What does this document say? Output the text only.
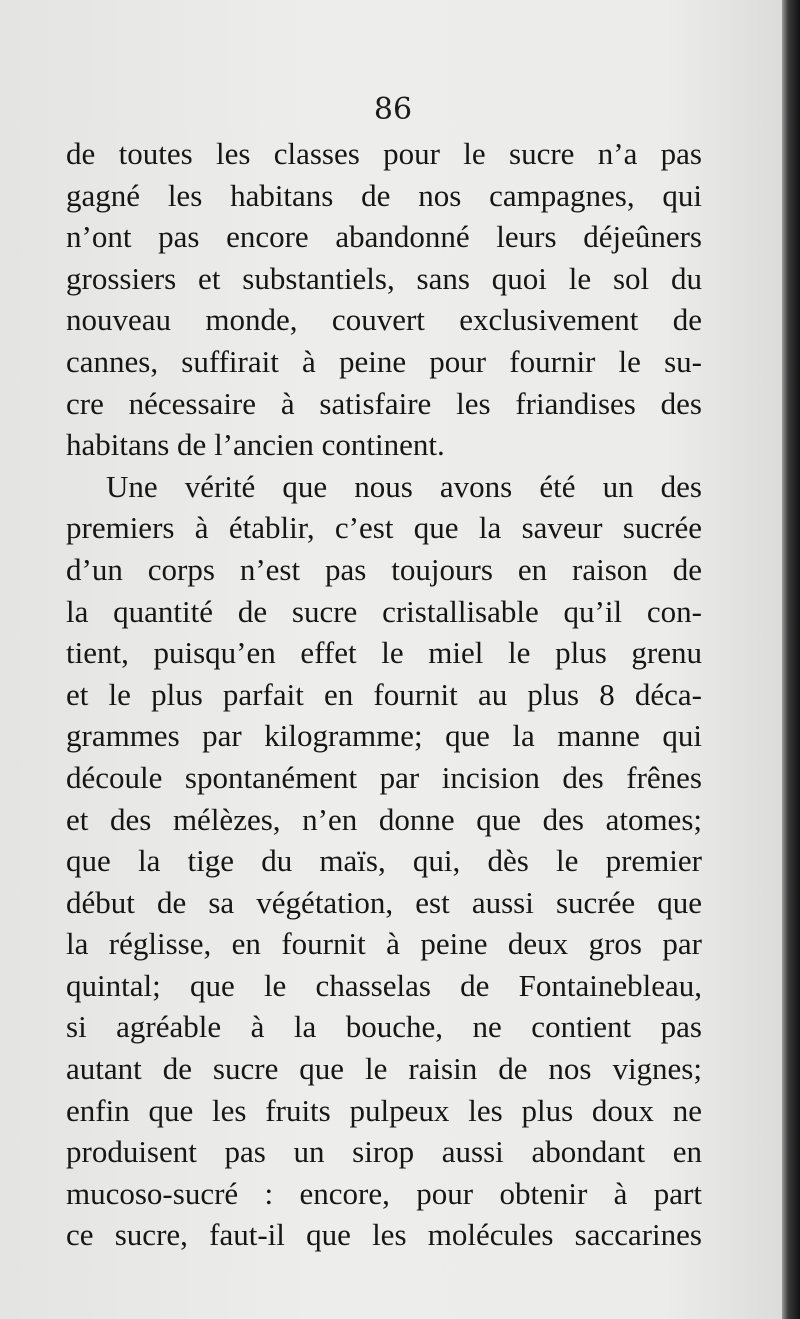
86
de toutes les classes pour le sucre n’a pas
gagné les habitans de nos campagnes, qui
n’ont pas encore abandonné leurs déjeûners
grossiers et substantiels, sans quoi le sol du
nouveau monde, couvert exclusivement de
cannes, suffirait à peine pour fournir le su-
cre nécessaire à satisfaire les friandises des
habitans de l’ancien continent.
Une vérité que nous avons été un des
premiers à établir, c’est que la saveur sucrée
d’un corps n’est pas toujours en raison de
la quantité de sucre cristallisable qu’il con-
tient, puisqu’en effet le miel le plus grenu
et le plus parfait en fournit au plus 8 déca-
grammes par kilogramme; que la manne qui
découle spontanément par incision des frênes
et des mélèzes, n’en donne que des atomes;
que la tige du maïs, qui, dès le premier
début de sa végétation, est aussi sucrée que
la réglisse, en fournit à peine deux gros par
quintal; que le chasselas de Fontainebleau,
si agréable à la bouche, ne contient pas
autant de sucre que le raisin de nos vignes;
enfin que les fruits pulpeux les plus doux ne
produisent pas un sirop aussi abondant en
mucoso-sucré : encore, pour obtenir à part
ce sucre, faut-il que les molécules saccarines
